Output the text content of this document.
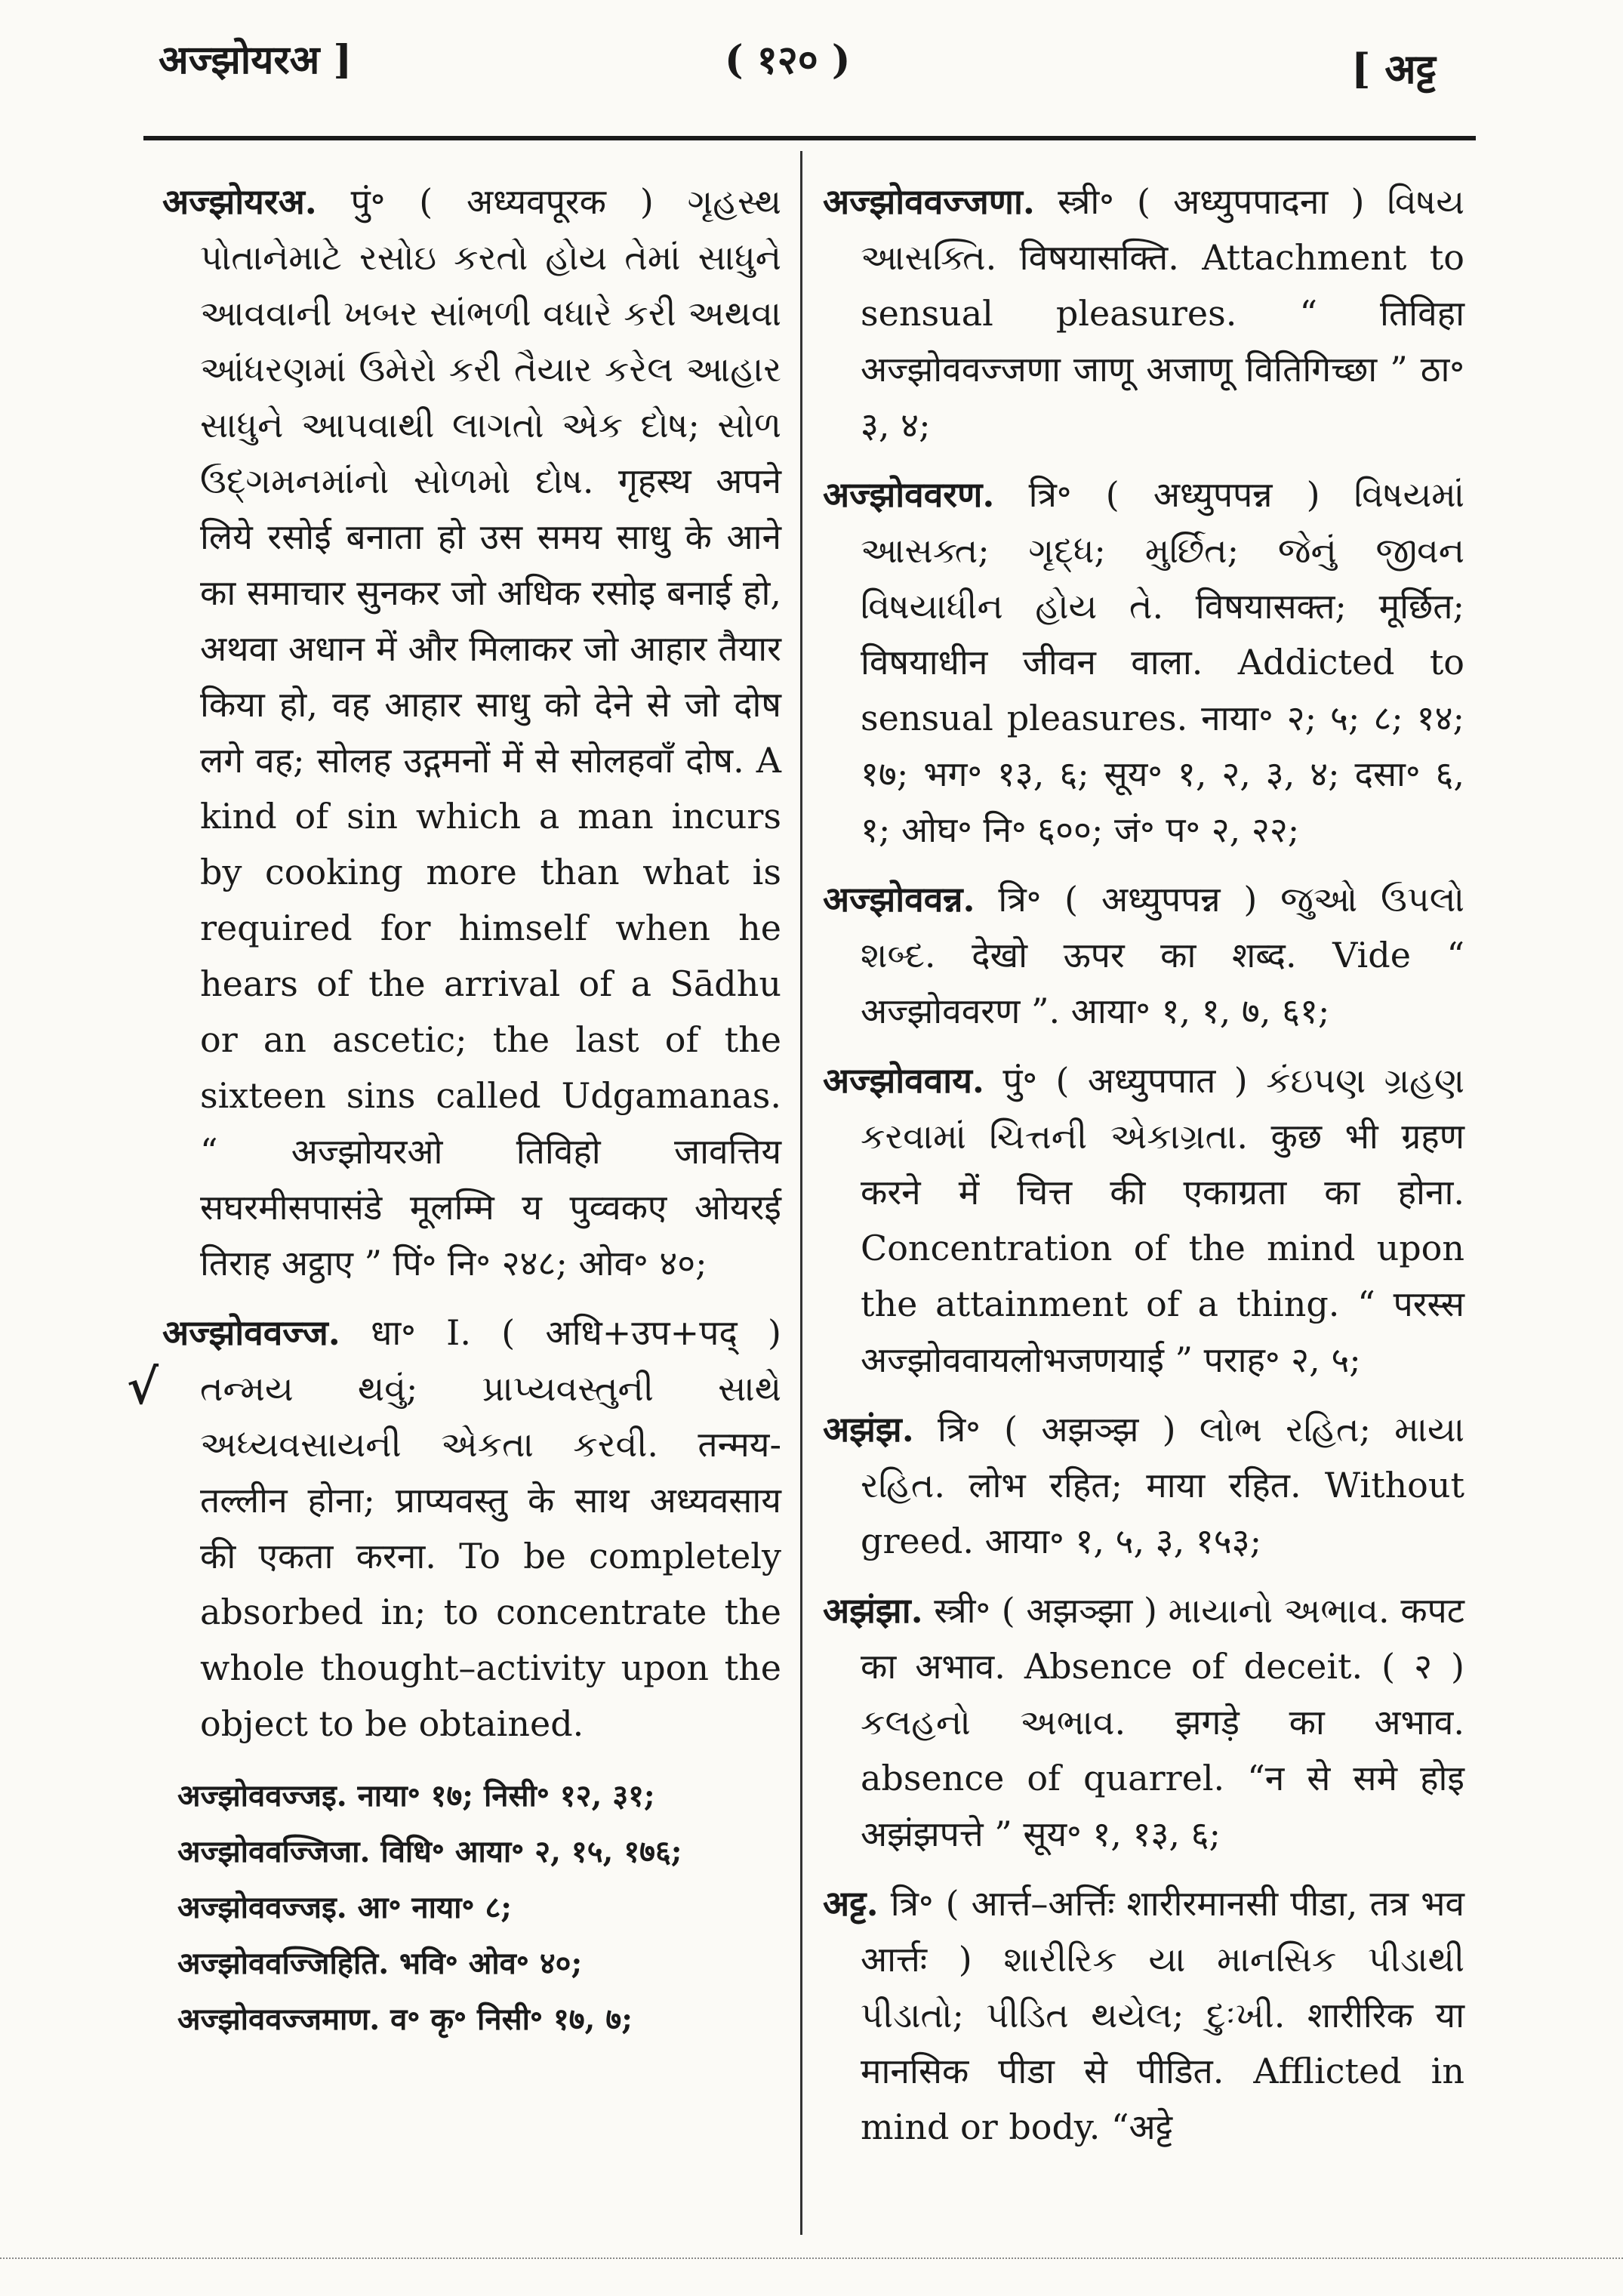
अज्झोयरअ ]	( १२० )	[ अट्ट
√
अज्झोयरअ. पुं॰ ( अध्यवपूरक ) ગૃહસ્થ પોતાનેમાટે રસોઇ કરતો હોય તેમાં સાધુને આવવાની ખબર સાંભળી વધારે કરી અથવા આંધરણમાં ઉમેરો કરી તૈયાર કરેલ આહાર સાધુને આપવાથી લાગતો એક દોષ; સોળ ઉદ્ગમનમાંનો સોળમો દોષ. गृहस्थ अपने लिये रसोई बनाता हो उस समय साधु के आने का समाचार सुनकर जो अधिक रसोइ बनाई हो, अथवा अधान में और मिलाकर जो आहार तैयार किया हो, वह आहार साधु को देने से जो दोष लगे वह; सोलह उद्गमनों में से सोलहवाँ दोष. A kind of sin which a man incurs by cooking more than what is required for himself when he hears of the arrival of a Sādhu or an ascetic; the last of the sixteen sins called Udgamanas. “ अज्झोयरओ तिविहो जावत्तिय सघरमीसपासंडे मूलम्मि य पुव्वकए ओयरई तिराह अट्ठाए ” पिं॰ नि॰ २४८; ओव॰ ४०;
अज्झोववज्ज. धा॰ I. ( अधि+उप+पद् ) તન્મય થવું; પ્રાપ્યવસ્તુની સાથે અધ્યવસાયની એકતા કરવી. तन्मय-तल्लीन होना; प्राप्यवस्तु के साथ अध्यवसाय की एकता करना. To be completely absorbed in; to concentrate the whole thought–activity upon the object to be obtained.
अज्झोववज्जइ. नाया॰ १७; निसी॰ १२, ३१;
अज्झोववज्जिजा. विधि॰ आया॰ २, १५, १७६;
अज्झोववज्जइ. आ॰ नाया॰ ८;
अज्झोववज्जिहिति. भवि॰ ओव॰ ४०;
अज्झोववज्जमाण. व॰ कृ॰ निसी॰ १७, ७;
अज्झोववज्जणा. स्त्री॰ ( अध्युपपादना ) વિષય આસક્તિ. विषयासक्ति. Attachment to sensual pleasures. “ तिविहा अज्झोववज्जणा जाणू अजाणू वितिगिच्छा ” ठा॰ ३, ४;
अज्झोववरण. त्रि॰ ( अध्युपपन्न ) વિષયમાં આસક્ત; ગૃદ્ધ; મુર્છિત; જેનું જીવન વિષયાધીન હોય તે. विषयासक्त; मूर्छित; विषयाधीन जीवन वाला. Addicted to sensual pleasures. नाया॰ २; ५; ८; १४; १७; भग॰ १३, ६; सूय॰ १, २, ३, ४; दसा॰ ६, १; ओघ॰ नि॰ ६००; जं॰ प॰ २, २२;
अज्झोववन्न. त्रि॰ ( अध्युपपन्न ) જુઓ ઉપલો શબ્દ. देखो ऊपर का शब्द. Vide “ अज्झोववरण ”. आया॰ १, १, ७, ६१;
अज्झोववाय. पुं॰ ( अध्युपपात ) કંઇપણ ગ્રહણ કરવામાં ચિત્તની એકાગ્રતા. कुछ भी ग्रहण करने में चित्त की एकाग्रता का होना. Concentration of the mind upon the attainment of a thing. “ परस्स अज्झोववायलोभजणयाई ” पराह॰ २, ५;
अझंझ. त्रि॰ ( अझञ्झ ) લોભ રહિત; માયા રહિત. लोभ रहित; माया रहित. Without greed. आया॰ १, ५, ३, १५३;
अझंझा. स्त्री॰ ( अझञ्झा ) માયાનો અભાવ. कपट का अभाव. Absence of deceit. ( २ ) કલહનો અભાવ. झगड़े का अभाव. absence of quarrel. “न से समे होइ अझंझपत्ते ” सूय॰ १, १३, ६;
अट्ट. त्रि॰ ( आर्त्त–अर्त्तिः शारीरमानसी पीडा, तत्र भव आर्त्तः ) શારીરિક યા માનસિક પીડાથી પીડાતો; પીડિત થયેલ; દુઃખી. शारीरिक या मानसिक पीडा से पीडित. Afflicted in mind or body. “अट्टे
